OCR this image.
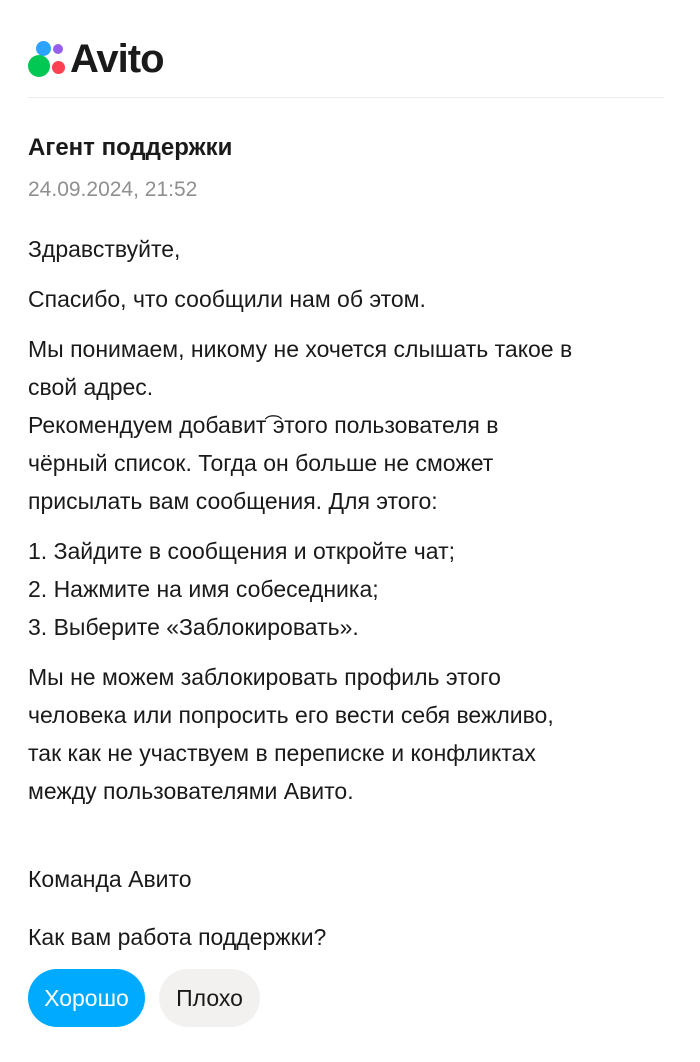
Avito
Агент поддержки
24.09.2024, 21:52

Здравствуйте,

Спасибо, что сообщили нам об этом.

Мы понимаем, никому не хочется слышать такое в
свой адрес.
Рекомендуем добавит͡ этого пользователя в
чёрный список. Тогда он больше не сможет
присылать вам сообщения. Для этого:

1. Зайдите в сообщения и откройте чат;
2. Нажмите на имя собеседника;
3. Выберите «Заблокировать».

Мы не можем заблокировать профиль этого
человека или попросить его вести себя вежливо,
так как не участвуем в переписке и конфликтах
между пользователями Авито.

Команда Авито
Как вам работа поддержки?
Хорошо	Плохо
